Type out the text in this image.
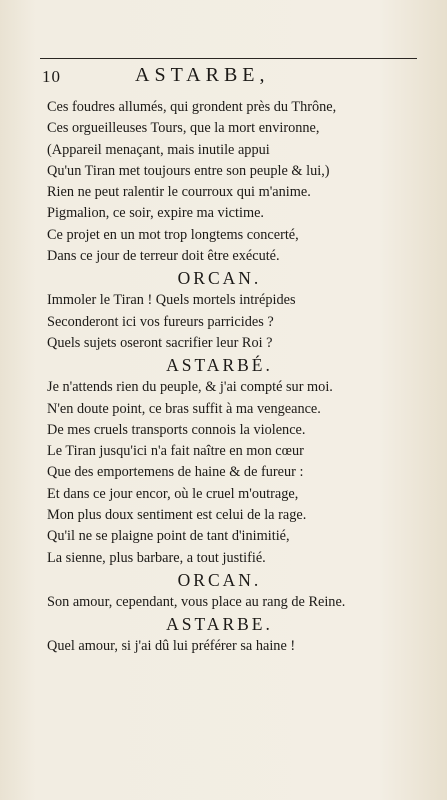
10	ASTARBE,
Ces foudres allumés, qui grondent près du Thrône,
Ces orgueilleuses Tours, que la mort environne,
(Appareil menaçant, mais inutile appui
Qu'un Tiran met toujours entre son peuple & lui,)
Rien ne peut ralentir le courroux qui m'anime.
Pigmalion, ce soir, expire ma victime.
Ce projet en un mot trop longtems concerté,
Dans ce jour de terreur doit être exécuté.
ORCAN.
Immoler le Tiran ! Quels mortels intrépides
Seconderont ici vos fureurs parricides ?
Quels sujets oseront sacrifier leur Roi ?
ASTARBÉ.
Je n'attends rien du peuple, & j'ai compté sur moi.
N'en doute point, ce bras suffit à ma vengeance.
De mes cruels transports connois la violence.
Le Tiran jusqu'ici n'a fait naître en mon cœur
Que des emportemens de haine & de fureur :
Et dans ce jour encor, où le cruel m'outrage,
Mon plus doux sentiment est celui de la rage.
Qu'il ne se plaigne point de tant d'inimitié,
La sienne, plus barbare, a tout justifié.
ORCAN.
Son amour, cependant, vous place au rang de Reine.
ASTARBE.
Quel amour, si j'ai dû lui préférer sa haine !
